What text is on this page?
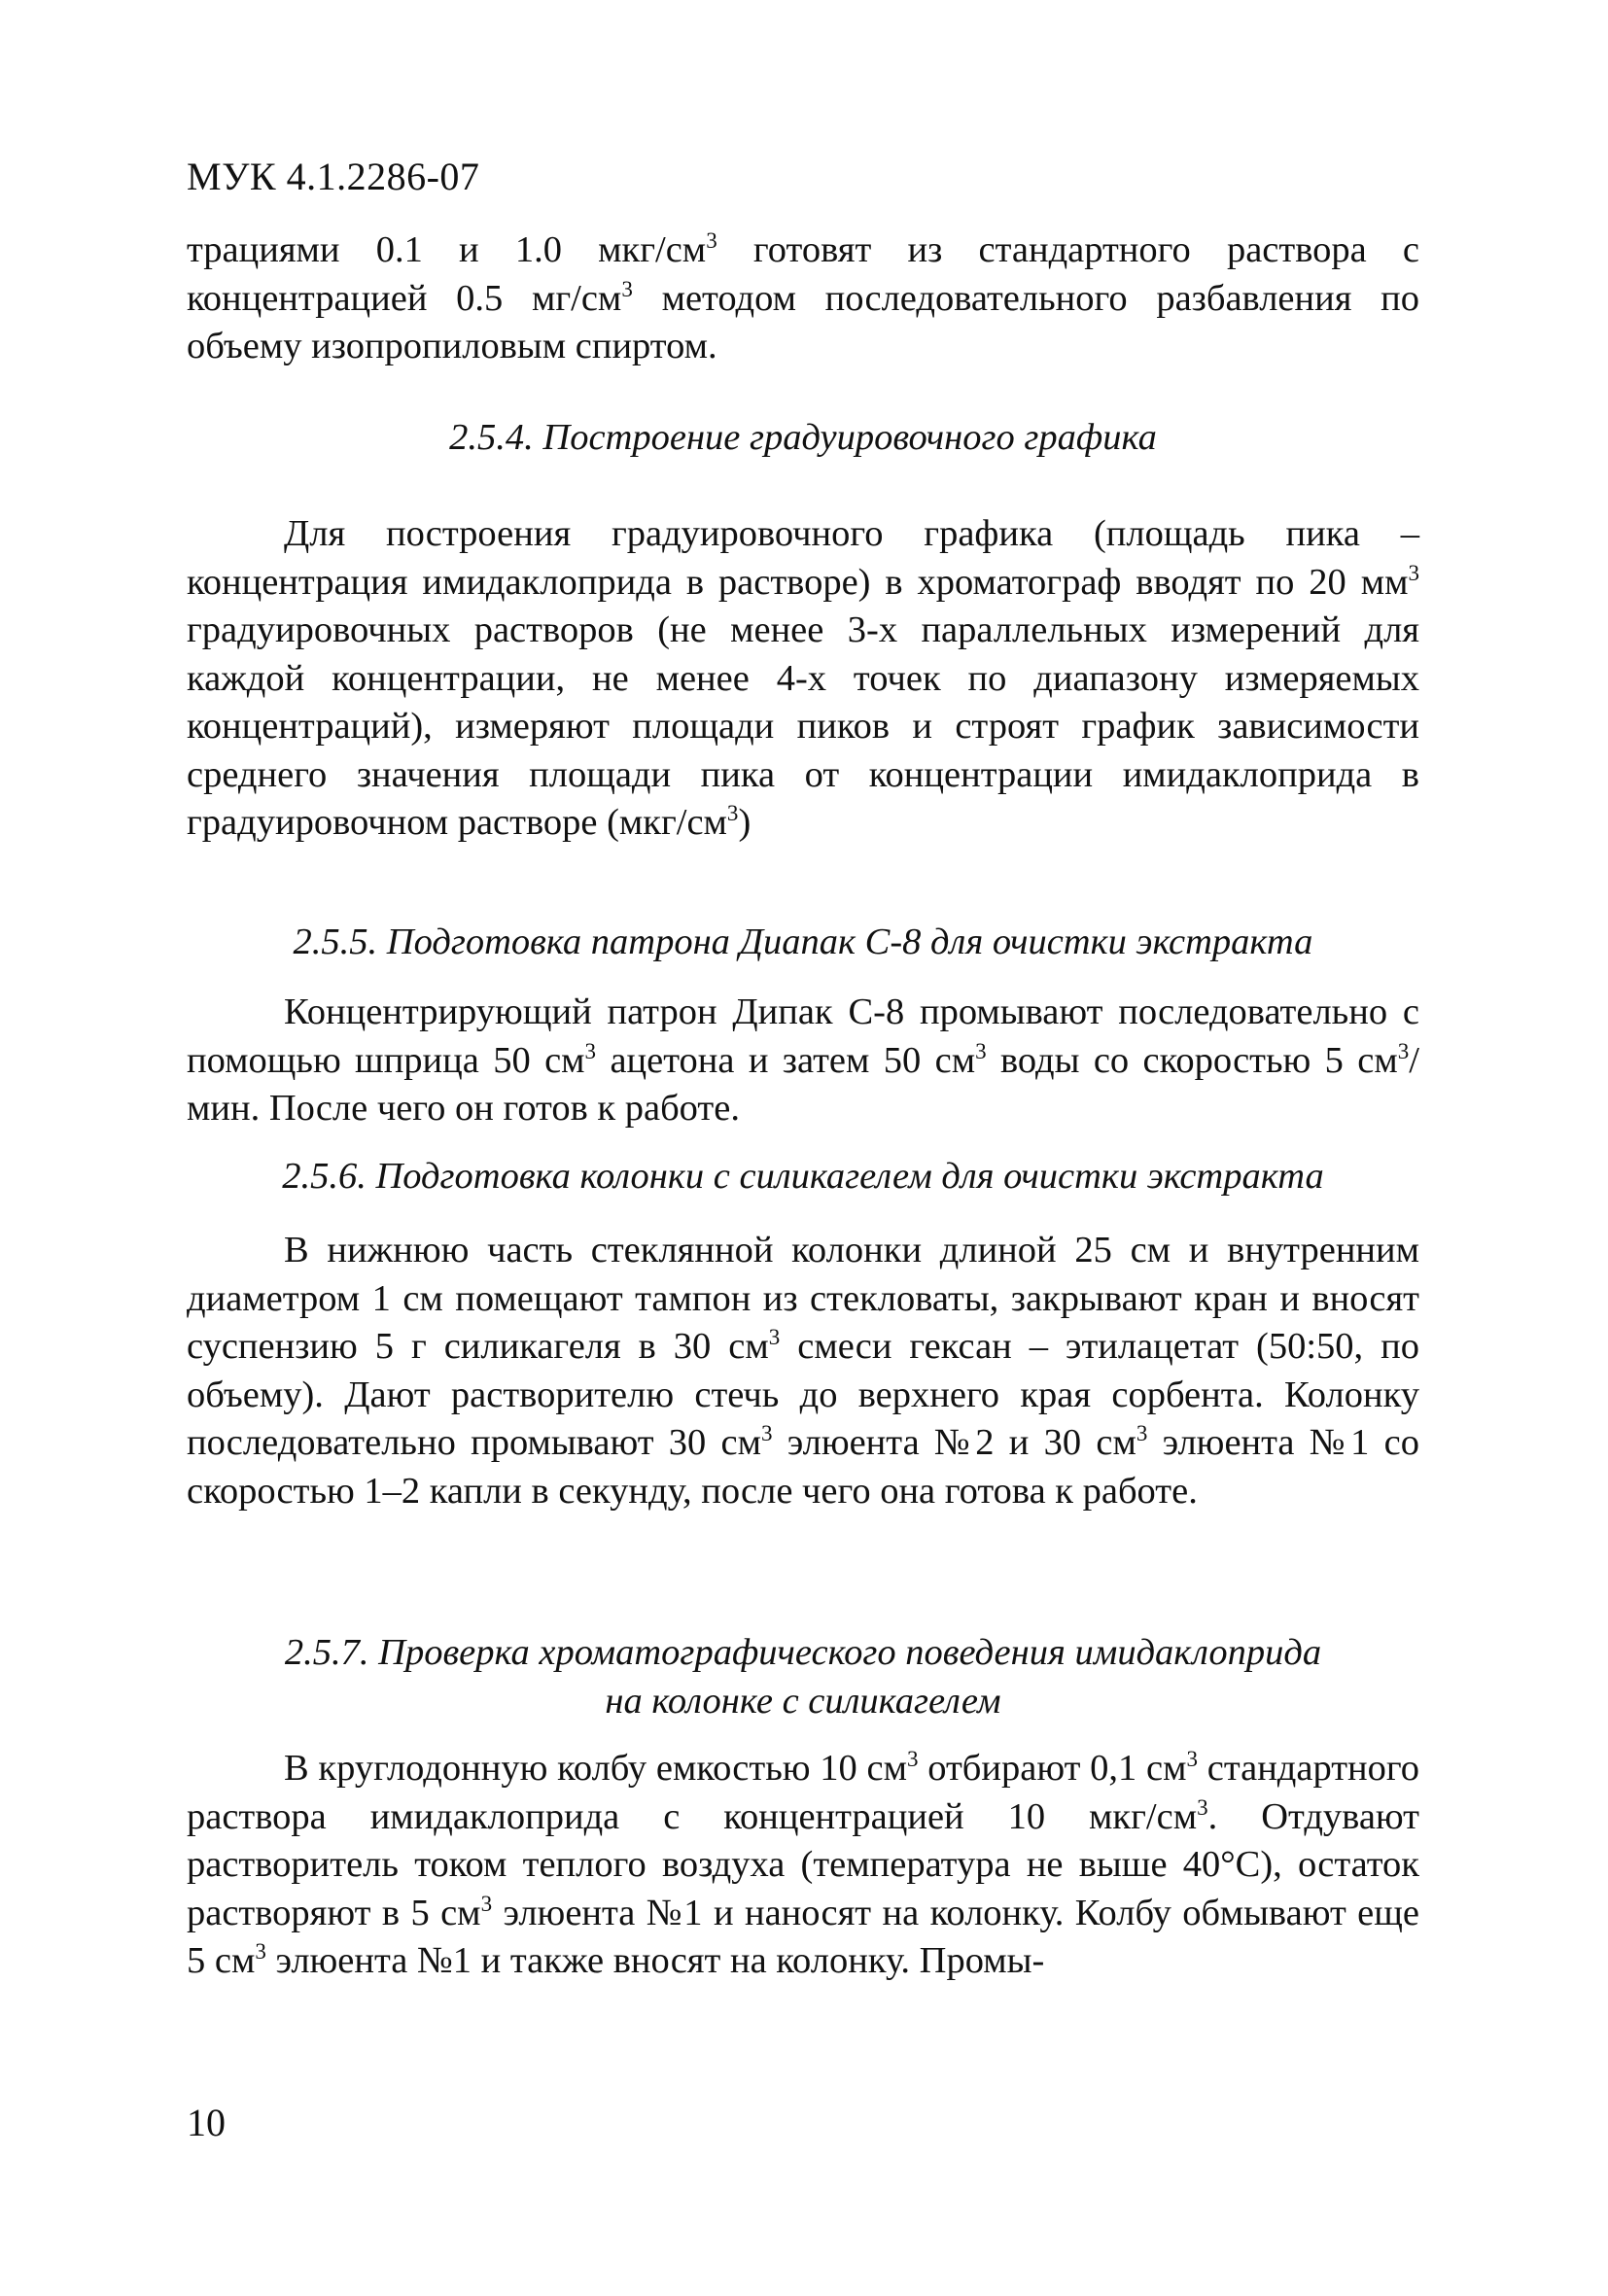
МУК 4.1.2286-07

трациями 0.1 и 1.0 мкг/$см^3$ готовят из стандартного раствора с концентрацией 0.5 $мг/см^3$ методом последовательного разбавления по объему изопропиловым спиртом.

2.5.4. Построение градуировочного графика

Для построения градуировочного графика (площадь пика – концентрация имидаклоприда в растворе) в хроматограф вводят по 20 $мм^3$ градуировочных растворов (не менее 3-х параллельных измерений для каждой концентрации, не менее 4-х точек по диапазону измеряемых концентраций), измеряют площади пиков и строят график зависимости среднего значения площади пика от концентрации имидаклоприда в градуировочном растворе $(мкг/см^3)$

2.5.5. Подготовка патрона Диапак С-8 для очистки экстракта

Концентрирующий патрон Дипак С-8 промывают последовательно с помощью шприца 50 $см^3$ ацетона и затем 50 $см^3$ воды со скоростью 5 $см^3$/мин. После чего он готов к работе.

2.5.6. Подготовка колонки с силикагелем для очистки экстракта

В нижнюю часть стеклянной колонки длиной 25 см и внутренним диаметром 1 см помещают тампон из стекловаты, закрывают кран и вносят суспензию 5 г силикагеля в 30 $см^3$ смеси гексан – этилацетат (50:50, по объему). Дают растворителю стечь до верхнего края сорбента. Колонку последовательно промывают 30 $см^3$ элюента №2 и 30 $см^3$ элюента №1 со скоростью 1–2 капли в секунду, после чего она готова к работе.

2.5.7. Проверка хроматографического поведения имидаклоприда
на колонке с силикагелем

В круглодонную колбу емкостью 10 $см^3$ отбирают 0,1 $см^3$ стандартного раствора имидаклоприда с концентрацией 10 мкг/$см^3$. Отдувают растворитель током теплого воздуха (температура не выше 40°С), остаток растворяют в 5 $см^3$ элюента №1 и наносят на колонку. Колбу обмывают еще 5 $см^3$ элюента №1 и также вносят на колонку. Промы-

10
